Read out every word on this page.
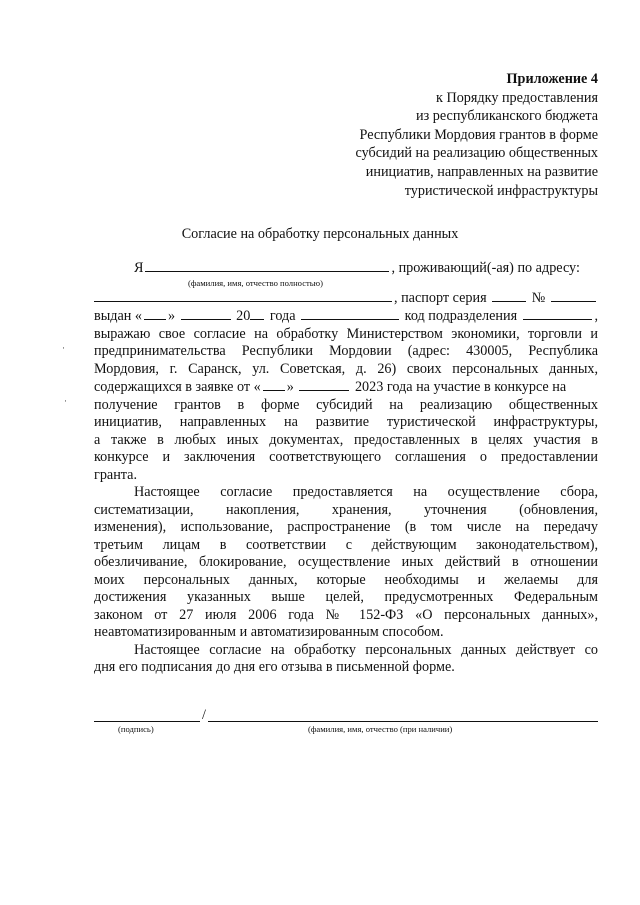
Приложение 4
к Порядку предоставления
из республиканского бюджета
Республики Мордовия грантов в форме
субсидий на реализацию общественных
инициатив, направленных на развитие
туристической инфраструктуры
Согласие на обработку персональных данных
Я	, проживающий(-ая) по адресу:
(фамилия, имя, отчество полностью)
, паспорт серия

	№

выдан « »

	20
года

	код подразделения
	,
выражаю свое согласие на обработку Министерством экономики, торговли и
предпринимательства Республики Мордовии (адрес: 430005, Республика
Мордовия, г. Саранск, ул. Советская, д. 26) своих персональных данных,
содержащихся в заявке от « »

	2023 года на участие в конкурсе на
получение грантов в форме субсидий на реализацию общественных
инициатив, направленных на развитие туристической инфраструктуры,
а также в любых иных документах, предоставленных в целях участия в
конкурсе и заключения соответствующего соглашения о предоставлении
гранта.
Настоящее согласие предоставляется на осуществление сбора,
систематизации, накопления, хранения, уточнения (обновления,
изменения), использование, распространение (в том числе на передачу
третьим лицам в соответствии с действующим законодательством),
обезличивание, блокирование, осуществление иных действий в отношении
моих персональных данных, которые необходимы и желаемы для
достижения указанных выше целей, предусмотренных Федеральным
законом от 27 июля 2006 года № 152-ФЗ «О персональных данных»,
неавтоматизированным и автоматизированным способом.
Настоящее согласие на обработку персональных данных действует со
дня его подписания до дня его отзыва в письменной форме.
/
(подпись)	(фамилия, имя, отчество (при наличии)
·
·
